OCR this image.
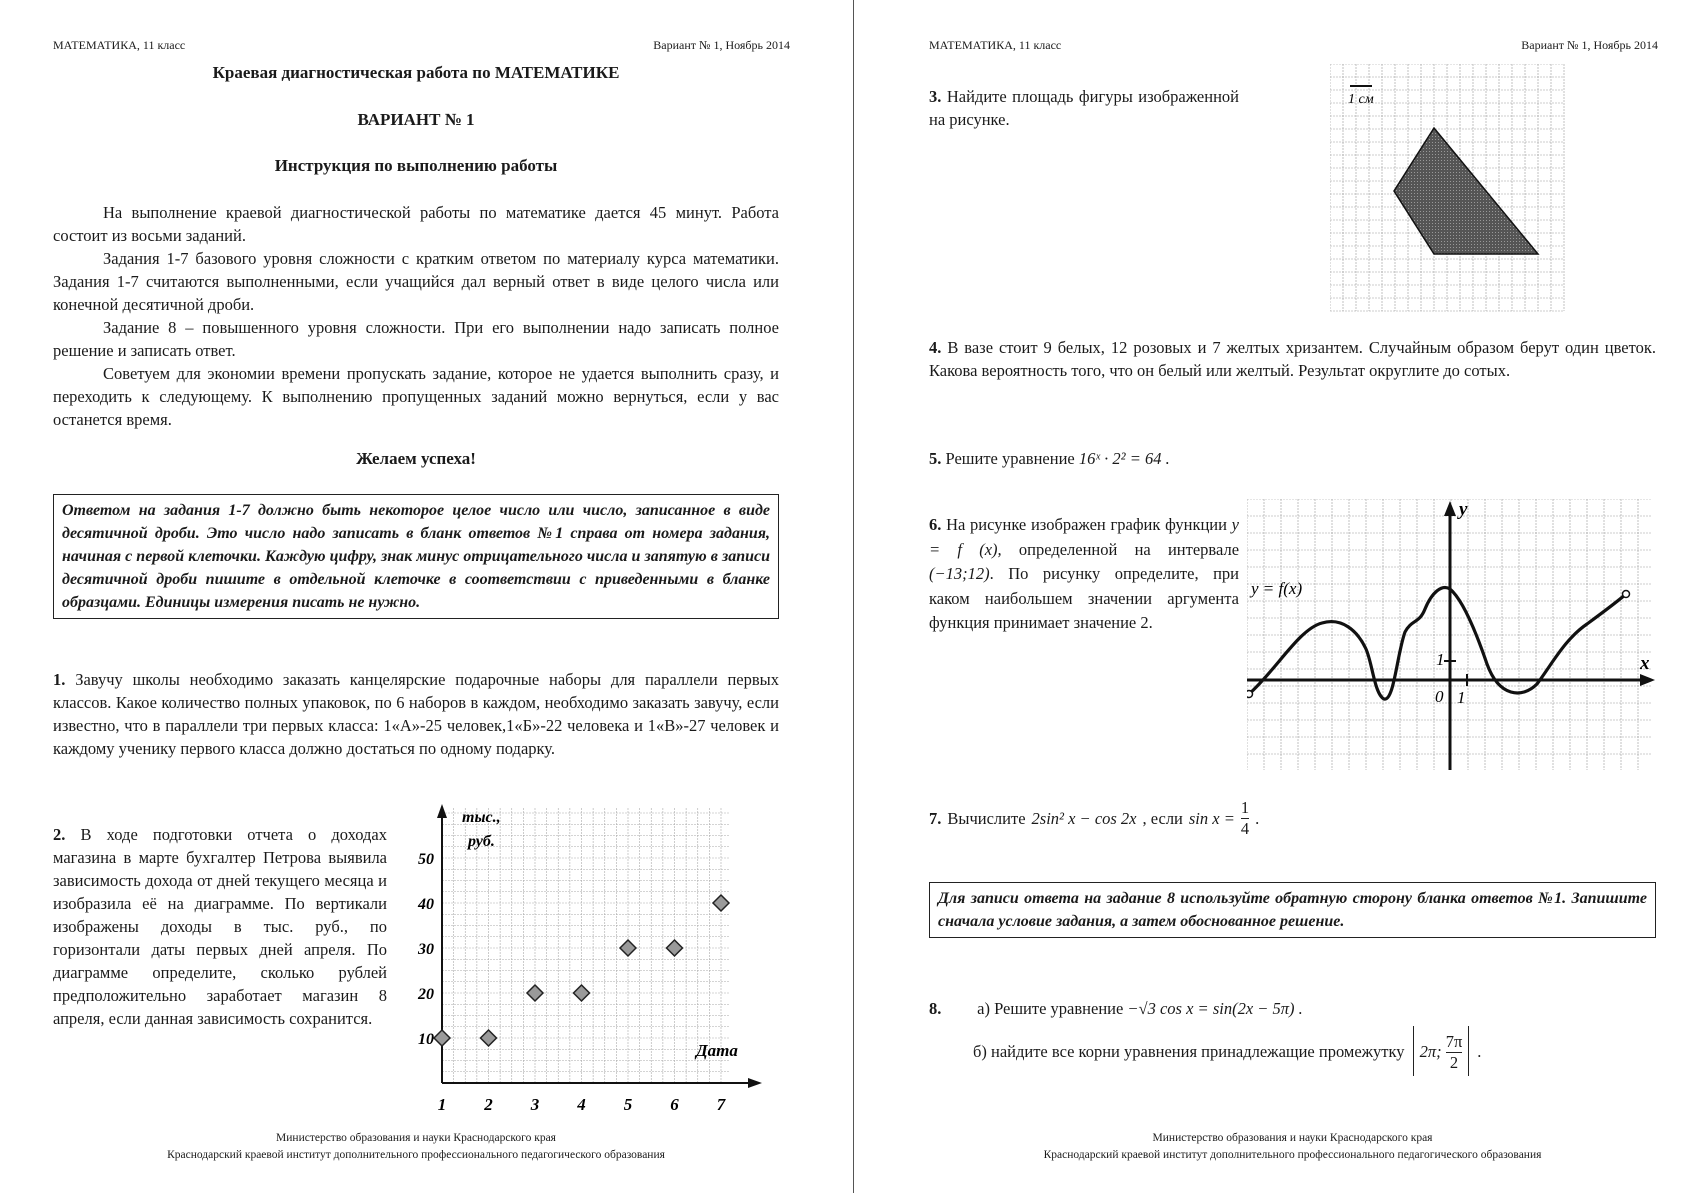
МАТЕМАТИКА, 11 класс	Вариант № 1, Ноябрь 2014
Краевая диагностическая работа по МАТЕМАТИКЕ
ВАРИАНТ № 1
Инструкция по выполнению работы
На выполнение краевой диагностической работы по математике дается 45 минут. Работа состоит из восьми заданий.
Задания 1-7 базового уровня сложности с кратким ответом по материалу курса математики. Задания 1-7 считаются выполненными, если учащийся дал верный ответ в виде целого числа или конечной десятичной дроби.
Задание 8 – повышенного уровня сложности. При его выполнении надо записать полное решение и записать ответ.
Советуем для экономии времени пропускать задание, которое не удается выполнить сразу, и переходить к следующему. К выполнению пропущенных заданий можно вернуться, если у вас останется время.
Желаем успеха!
Ответом на задания 1-7 должно быть некоторое целое число или число, записанное в виде десятичной дроби. Это число надо записать в бланк ответов №1 справа от номера задания, начиная с первой клеточки. Каждую цифру, знак минус отрицательного числа и запятую в записи десятичной дроби пишите в отдельной клеточке в соответствии с приведенными в бланке образцами. Единицы измерения писать не нужно.
1. Завучу школы необходимо заказать канцелярские подарочные наборы для параллели первых классов. Какое количество полных упаковок, по 6 наборов в каждом, необходимо заказать завучу, если известно, что в параллели три первых класса: 1«А»-25 человек,1«Б»-22 человека и 1«В»-27 человек и каждому ученику первого класса должно достаться по одному подарку.
2. В ходе подготовки отчета о доходах магазина в марте бухгалтер Петрова выявила зависимость дохода от дней текущего месяца и изобразила её на диаграмме. По вертикали изображены доходы в тыс. руб., по горизонтали даты первых дней апреля. По диаграмме определите, сколько рублей предположительно заработает магазин 8 апреля, если данная зависимость сохранится.
тыс.,
руб.
Дата
10
20
30
40
50
1 2 3 4 5 6 7
Министерство образования и науки Краснодарского края
Краснодарский краевой институт дополнительного профессионального педагогического образования
МАТЕМАТИКА, 11 класс	Вариант № 1, Ноябрь 2014
3. Найдите площадь фигуры изображенной на рисунке.
1 см
4. В вазе стоит 9 белых, 12 розовых и 7 желтых хризантем. Случайным образом берут один цветок. Какова вероятность того, что он белый или желтый. Результат округлите до сотых.
5. Решите уравнение 16ˣ · 2² = 64 .
6. На рисунке изображен график функции y = f (x), определенной на интервале (−13;12). По рисунку определите, при каком наибольшем значении аргумента функция принимает значение 2.
y = f(x)
y
x
1
1
0
7. Вычислите 2sin² x − cos 2x , если $\sin x = \frac{1}{4}$ .
Для записи ответа на задание 8 используйте обратную сторону бланка ответов №1. Запишите сначала условие задания, а затем обоснованное решение.
8. а) Решите уравнение −√3 cos x = sin(2x − 5π) .
б) найдите все корни уравнения принадлежащие промежутку 2π; $\frac{7\pi}{2}$ .
Министерство образования и науки Краснодарского края
Краснодарский краевой институт дополнительного профессионального педагогического образования
